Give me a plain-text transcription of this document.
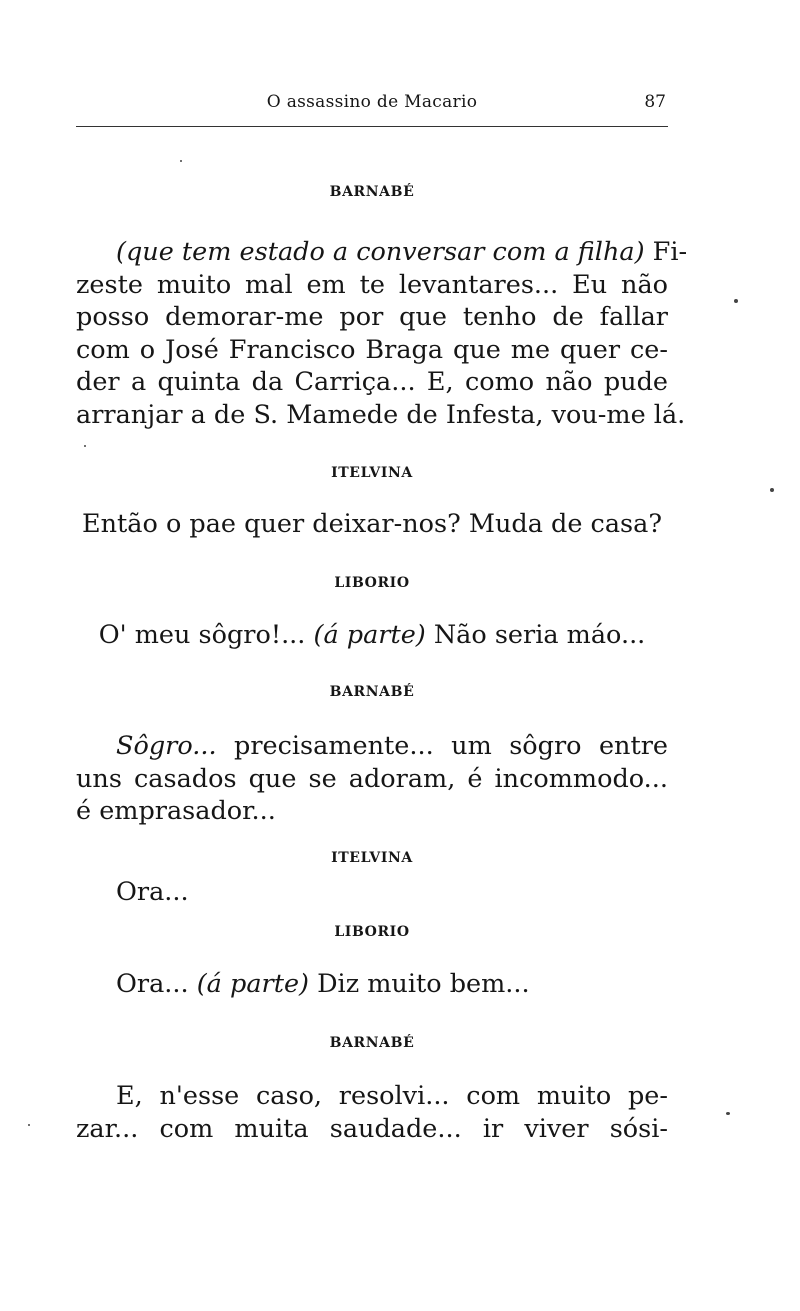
O assassino de Macario	87
BARNABÉ
(que tem estado a conversar com a filha) Fi-
zeste muito mal em te levantares... Eu não
posso demorar-me por que tenho de fallar
com o José Francisco Braga que me quer ce-
der a quinta da Carriça... E, como não pude
arranjar a de S. Mamede de Infesta, vou-me lá.
ITELVINA
Então o pae quer deixar-nos? Muda de casa?
LIBORIO
O' meu sôgro!... (á parte) Não seria máo...
BARNABÉ
Sôgro... precisamente... um sôgro entre
uns casados que se adoram, é incommodo...
é emprasador...
ITELVINA
Ora...
LIBORIO
Ora... (á parte) Diz muito bem...
BARNABÉ
E, n'esse caso, resolvi... com muito pe-
zar... com muita saudade... ir viver sósi-
